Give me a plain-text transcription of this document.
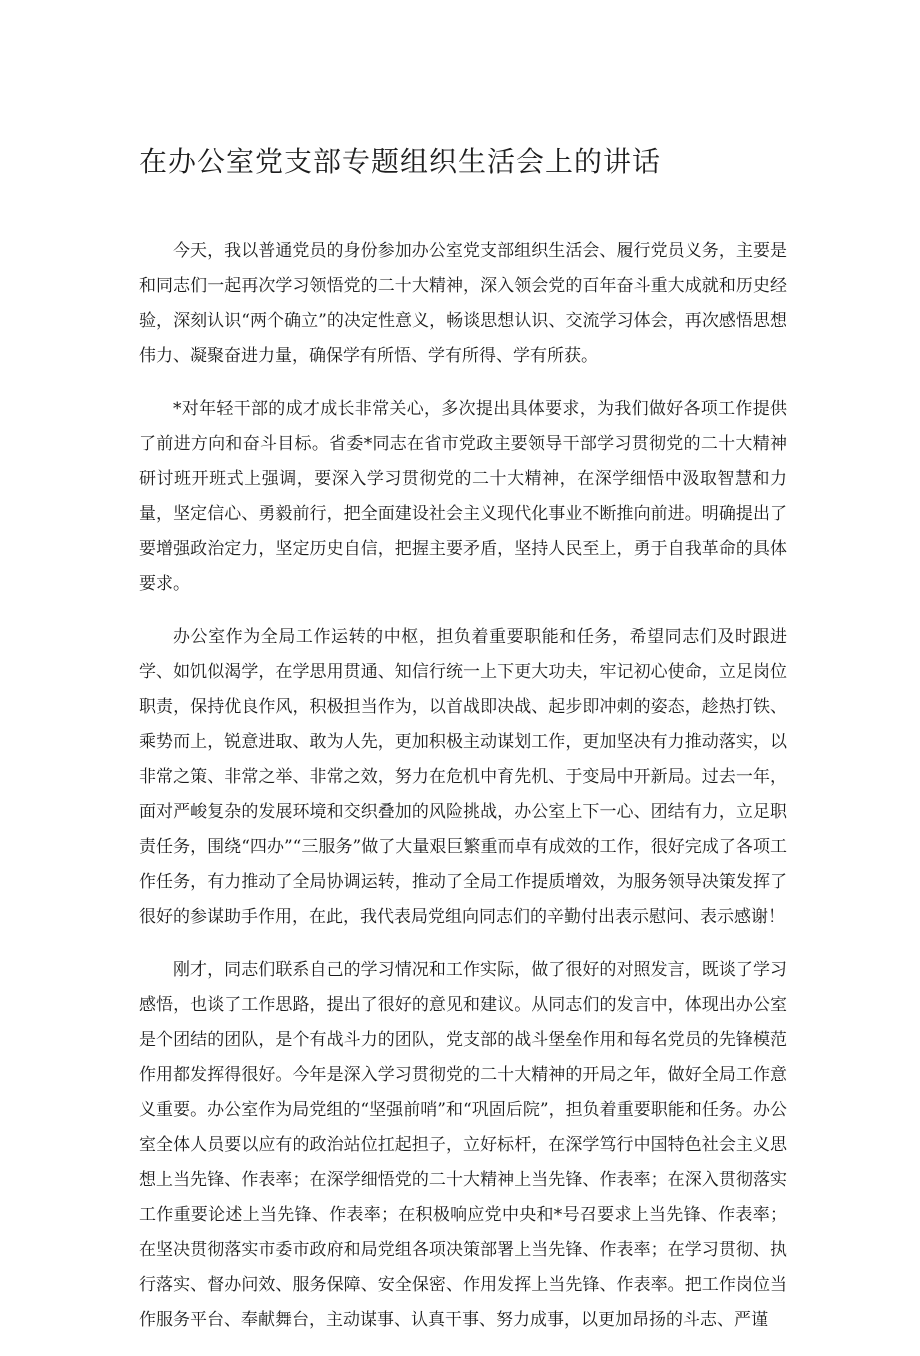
在办公室党支部专题组织生活会上的讲话

今天，我以普通党员的身份参加办公室党支部组织生活会、履行党员义务，主要是和同志们一起再次学习领悟党的二十大精神，深入领会党的百年奋斗重大成就和历史经验，深刻认识“两个确立”的决定性意义，畅谈思想认识、交流学习体会，再次感悟思想伟力、凝聚奋进力量，确保学有所悟、学有所得、学有所获。

*对年轻干部的成才成长非常关心，多次提出具体要求，为我们做好各项工作提供了前进方向和奋斗目标。省委*同志在省市党政主要领导干部学习贯彻党的二十大精神研讨班开班式上强调，要深入学习贯彻党的二十大精神，在深学细悟中汲取智慧和力量，坚定信心、勇毅前行，把全面建设社会主义现代化事业不断推向前进。明确提出了要增强政治定力，坚定历史自信，把握主要矛盾，坚持人民至上，勇于自我革命的具体要求。

办公室作为全局工作运转的中枢，担负着重要职能和任务，希望同志们及时跟进学、如饥似渴学，在学思用贯通、知信行统一上下更大功夫，牢记初心使命，立足岗位职责，保持优良作风，积极担当作为，以首战即决战、起步即冲刺的姿态，趁热打铁、乘势而上，锐意进取、敢为人先，更加积极主动谋划工作，更加坚决有力推动落实，以非常之策、非常之举、非常之效，努力在危机中育先机、于变局中开新局。过去一年，面对严峻复杂的发展环境和交织叠加的风险挑战，办公室上下一心、团结有力，立足职责任务，围绕“四办”“三服务”做了大量艰巨繁重而卓有成效的工作，很好完成了各项工作任务，有力推动了全局协调运转，推动了全局工作提质增效，为服务领导决策发挥了很好的参谋助手作用，在此，我代表局党组向同志们的辛勤付出表示慰问、表示感谢！

刚才，同志们联系自己的学习情况和工作实际，做了很好的对照发言，既谈了学习感悟，也谈了工作思路，提出了很好的意见和建议。从同志们的发言中，体现出办公室是个团结的团队，是个有战斗力的团队，党支部的战斗堡垒作用和每名党员的先锋模范作用都发挥得很好。今年是深入学习贯彻党的二十大精神的开局之年，做好全局工作意义重要。办公室作为局党组的“坚强前哨”和“巩固后院”，担负着重要职能和任务。办公室全体人员要以应有的政治站位扛起担子，立好标杆，在深学笃行中国特色社会主义思想上当先锋、作表率；在深学细悟党的二十大精神上当先锋、作表率；在深入贯彻落实工作重要论述上当先锋、作表率；在积极响应党中央和*号召要求上当先锋、作表率；在坚决贯彻落实市委市政府和局党组各项决策部署上当先锋、作表率；在学习贯彻、执行落实、督办问效、服务保障、安全保密、作用发挥上当先锋、作表率。把工作岗位当作服务平台、奉献舞台，主动谋事、认真干事、努力成事，以更加昂扬的斗志、严谨
